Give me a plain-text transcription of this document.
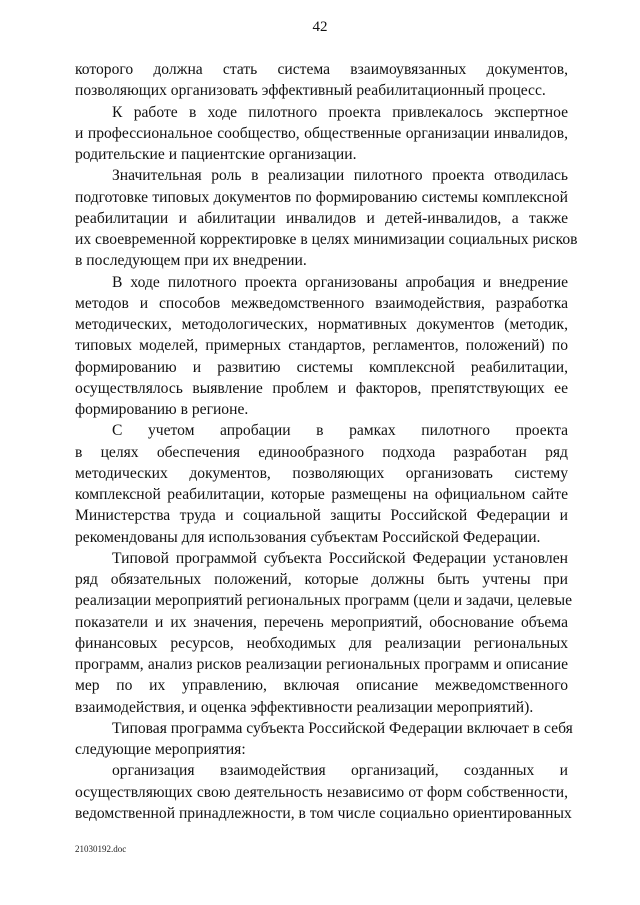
42
которого должна стать система взаимоувязанных документов,
позволяющих организовать эффективный реабилитационный процесс.
К работе в ходе пилотного проекта привлекалось экспертное
и профессиональное сообщество, общественные организации инвалидов,
родительские и пациентские организации.
Значительная роль в реализации пилотного проекта отводилась
подготовке типовых документов по формированию системы комплексной
реабилитации и абилитации инвалидов и детей-инвалидов, а также
их своевременной корректировке в целях минимизации социальных рисков
в последующем при их внедрении.
В ходе пилотного проекта организованы апробация и внедрение
методов и способов межведомственного взаимодействия, разработка
методических, методологических, нормативных документов (методик,
типовых моделей, примерных стандартов, регламентов, положений) по
формированию и развитию системы комплексной реабилитации,
осуществлялось выявление проблем и факторов, препятствующих ее
формированию в регионе.
С учетом апробации в рамках пилотного проекта
в целях обеспечения единообразного подхода разработан ряд
методических документов, позволяющих организовать систему
комплексной реабилитации, которые размещены на официальном сайте
Министерства труда и социальной защиты Российской Федерации и
рекомендованы для использования субъектам Российской Федерации.
Типовой программой субъекта Российской Федерации установлен
ряд обязательных положений, которые должны быть учтены при
реализации мероприятий региональных программ (цели и задачи, целевые
показатели и их значения, перечень мероприятий, обоснование объема
финансовых ресурсов, необходимых для реализации региональных
программ, анализ рисков реализации региональных программ и описание
мер по их управлению, включая описание межведомственного
взаимодействия, и оценка эффективности реализации мероприятий).
Типовая программа субъекта Российской Федерации включает в себя
следующие мероприятия:
организация взаимодействия организаций, созданных и
осуществляющих свою деятельность независимо от форм собственности,
ведомственной принадлежности, в том числе социально ориентированных
21030192.doc
